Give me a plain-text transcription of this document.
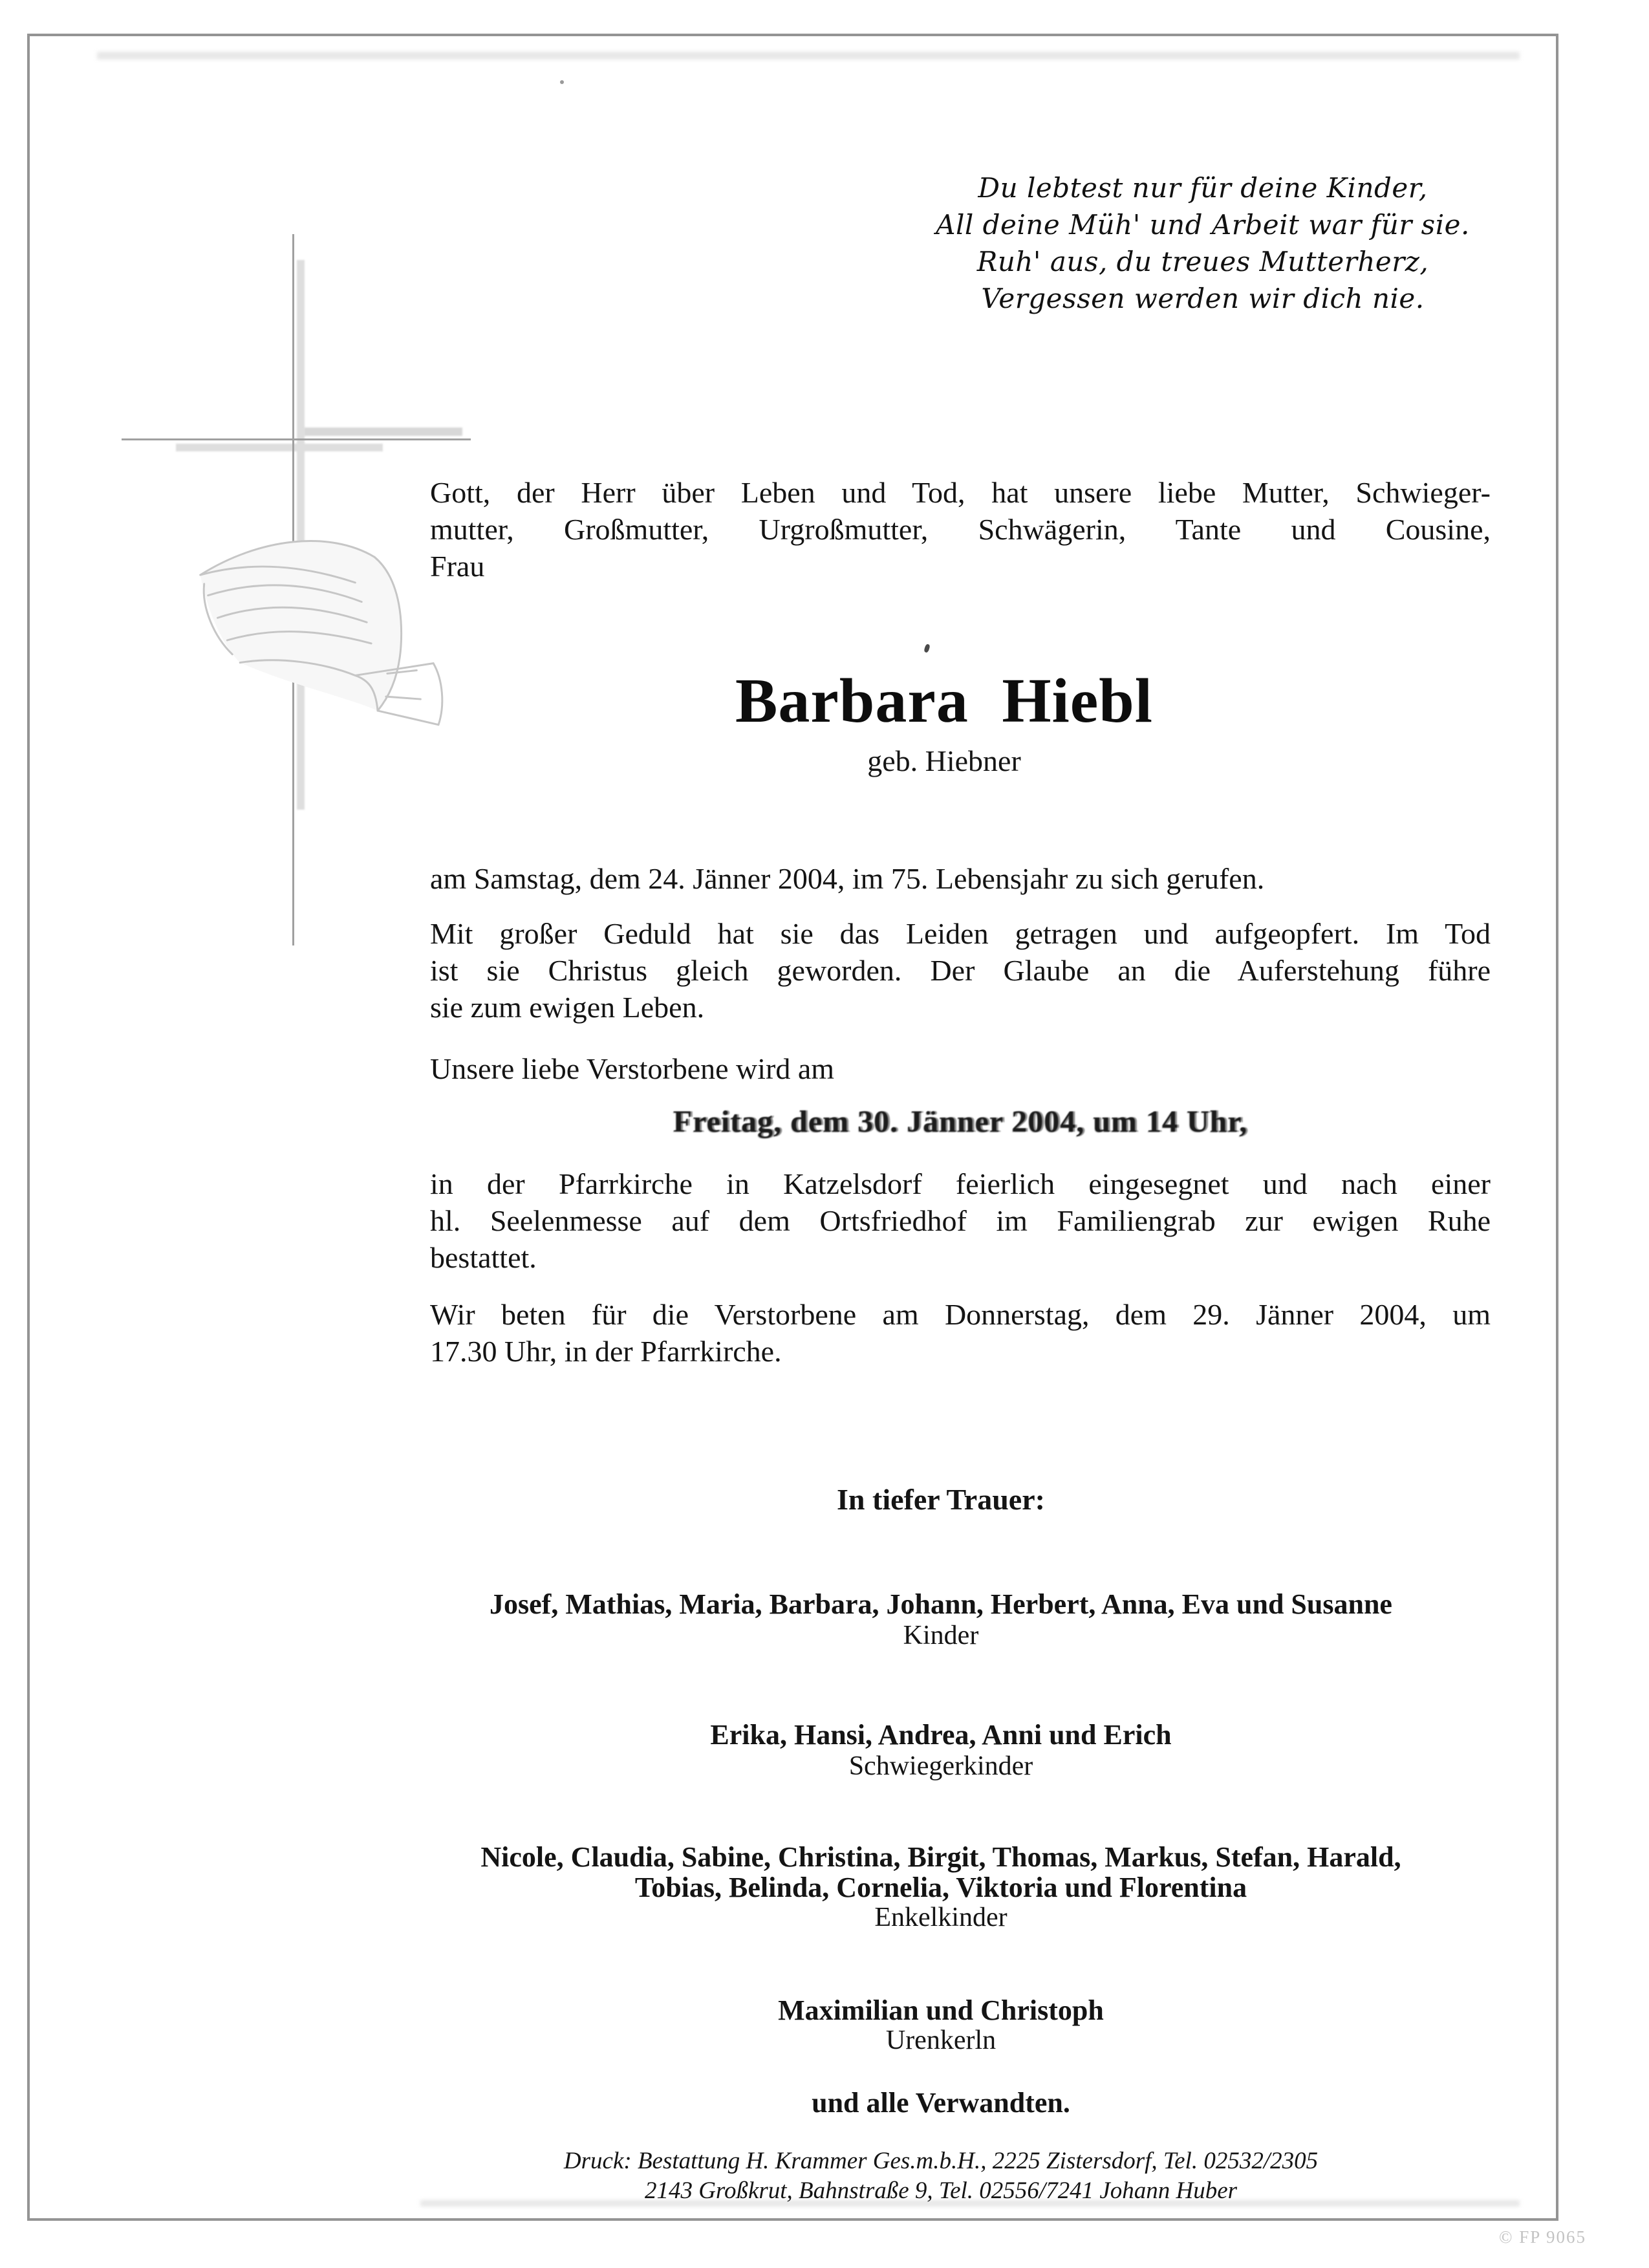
Du lebtest nur für deine Kinder,
All deine Müh' und Arbeit war für sie.
Ruh' aus, du treues Mutterherz,
Vergessen werden wir dich nie.
Gott, der Herr über Leben und Tod, hat unsere liebe Mutter, Schwieger-
mutter, Großmutter, Urgroßmutter, Schwägerin, Tante und Cousine,
Frau
Barbara Hiebl
geb. Hiebner
am Samstag, dem 24. Jänner 2004, im 75. Lebensjahr zu sich gerufen.
Mit großer Geduld hat sie das Leiden getragen und aufgeopfert. Im Tod
ist sie Christus gleich geworden. Der Glaube an die Auferstehung führe
sie zum ewigen Leben.
Unsere liebe Verstorbene wird am
Freitag, dem 30. Jänner 2004, um 14 Uhr,
in der Pfarrkirche in Katzelsdorf feierlich eingesegnet und nach einer
hl. Seelenmesse auf dem Ortsfriedhof im Familiengrab zur ewigen Ruhe
bestattet.
Wir beten für die Verstorbene am Donnerstag, dem 29. Jänner 2004, um
17.30 Uhr, in der Pfarrkirche.
In tiefer Trauer:
Josef, Mathias, Maria, Barbara, Johann, Herbert, Anna, Eva und Susanne
Kinder
Erika, Hansi, Andrea, Anni und Erich
Schwiegerkinder
Nicole, Claudia, Sabine, Christina, Birgit, Thomas, Markus, Stefan, Harald,
Tobias, Belinda, Cornelia, Viktoria und Florentina
Enkelkinder
Maximilian und Christoph
Urenkerln
und alle Verwandten.
Druck: Bestattung H. Krammer Ges.m.b.H., 2225 Zistersdorf, Tel. 02532/2305
2143 Großkrut, Bahnstraße 9, Tel. 02556/7241 Johann Huber
© FP 9065
